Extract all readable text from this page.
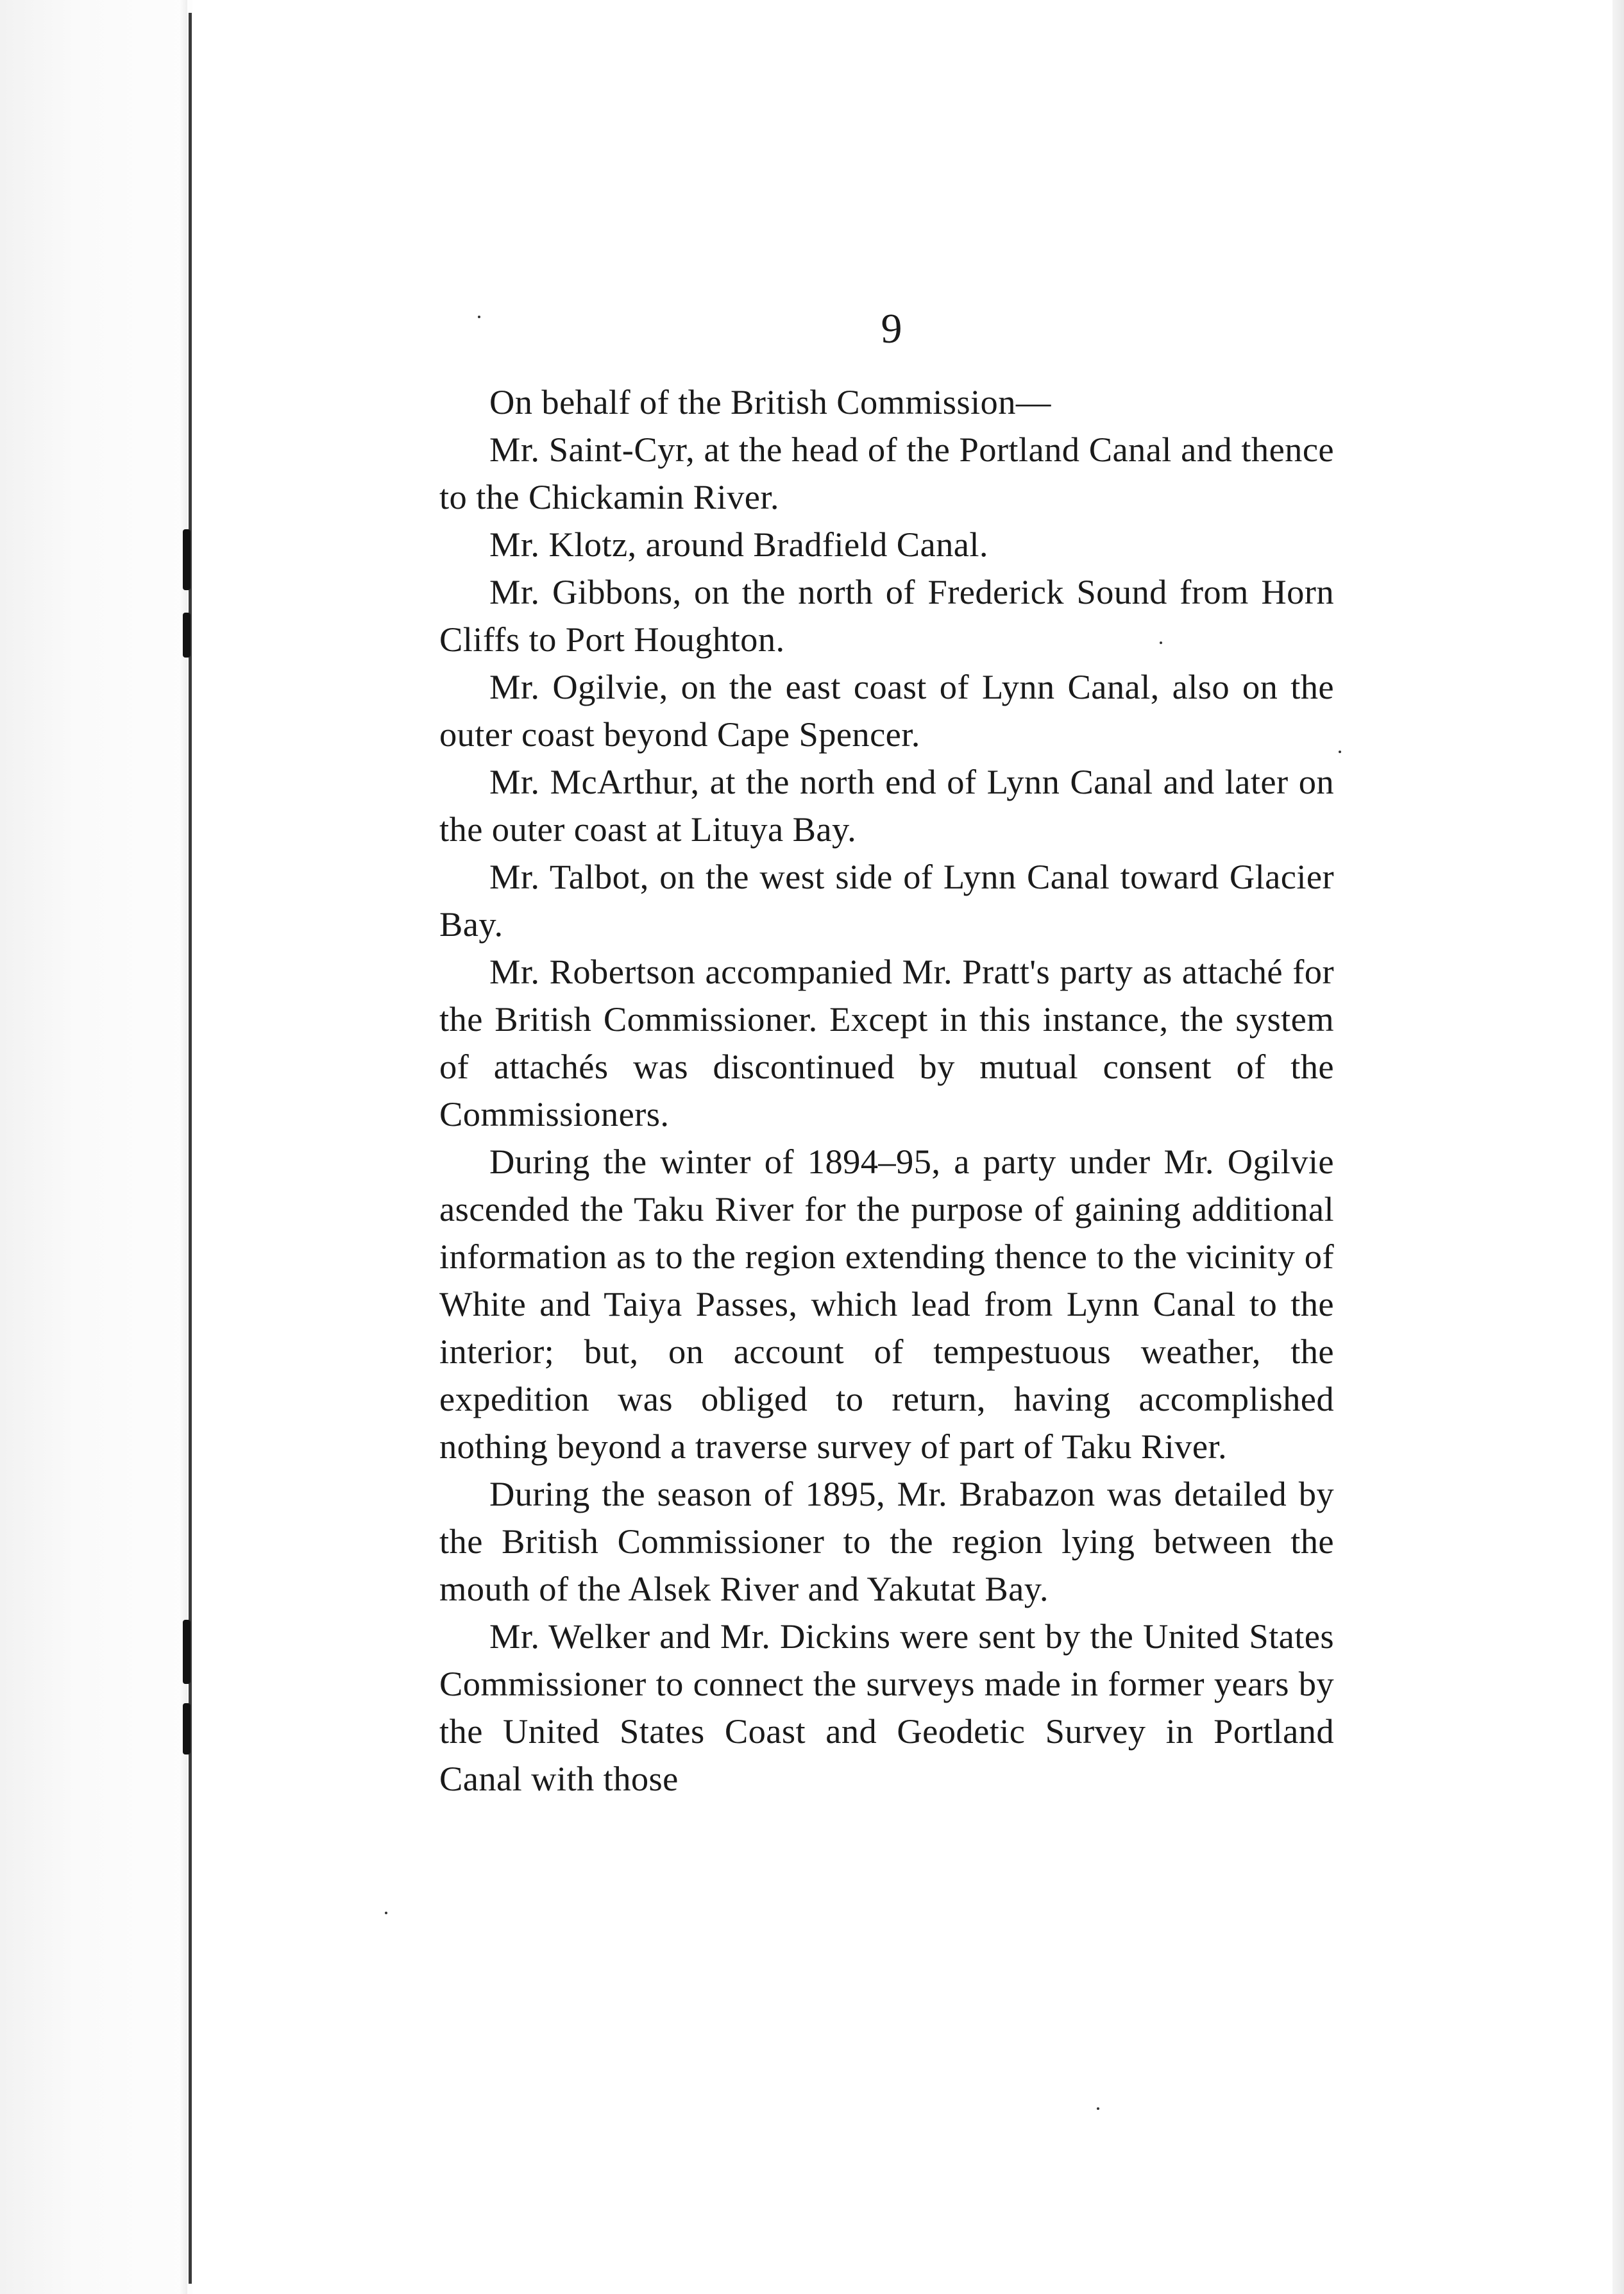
9

On behalf of the British Commission—

Mr. Saint-Cyr, at the head of the Portland Canal and thence to the Chickamin River.

Mr. Klotz, around Bradfield Canal.

Mr. Gibbons, on the north of Frederick Sound from Horn Cliffs to Port Houghton.

Mr. Ogilvie, on the east coast of Lynn Canal, also on the outer coast beyond Cape Spencer.

Mr. McArthur, at the north end of Lynn Canal and later on the outer coast at Lituya Bay.

Mr. Talbot, on the west side of Lynn Canal toward Glacier Bay.

Mr. Robertson accompanied Mr. Pratt's party as attaché for the British Commissioner. Except in this instance, the system of attachés was discontinued by mutual consent of the Commissioners.

During the winter of 1894–95, a party under Mr. Ogilvie ascended the Taku River for the purpose of gaining additional information as to the region extending thence to the vicinity of White and Taiya Passes, which lead from Lynn Canal to the interior; but, on account of tempestuous weather, the expedition was obliged to return, having accomplished nothing beyond a traverse survey of part of Taku River.

During the season of 1895, Mr. Brabazon was detailed by the British Commissioner to the region lying between the mouth of the Alsek River and Yakutat Bay.

Mr. Welker and Mr. Dickins were sent by the United States Commissioner to connect the surveys made in former years by the United States Coast and Geodetic Survey in Portland Canal with those
